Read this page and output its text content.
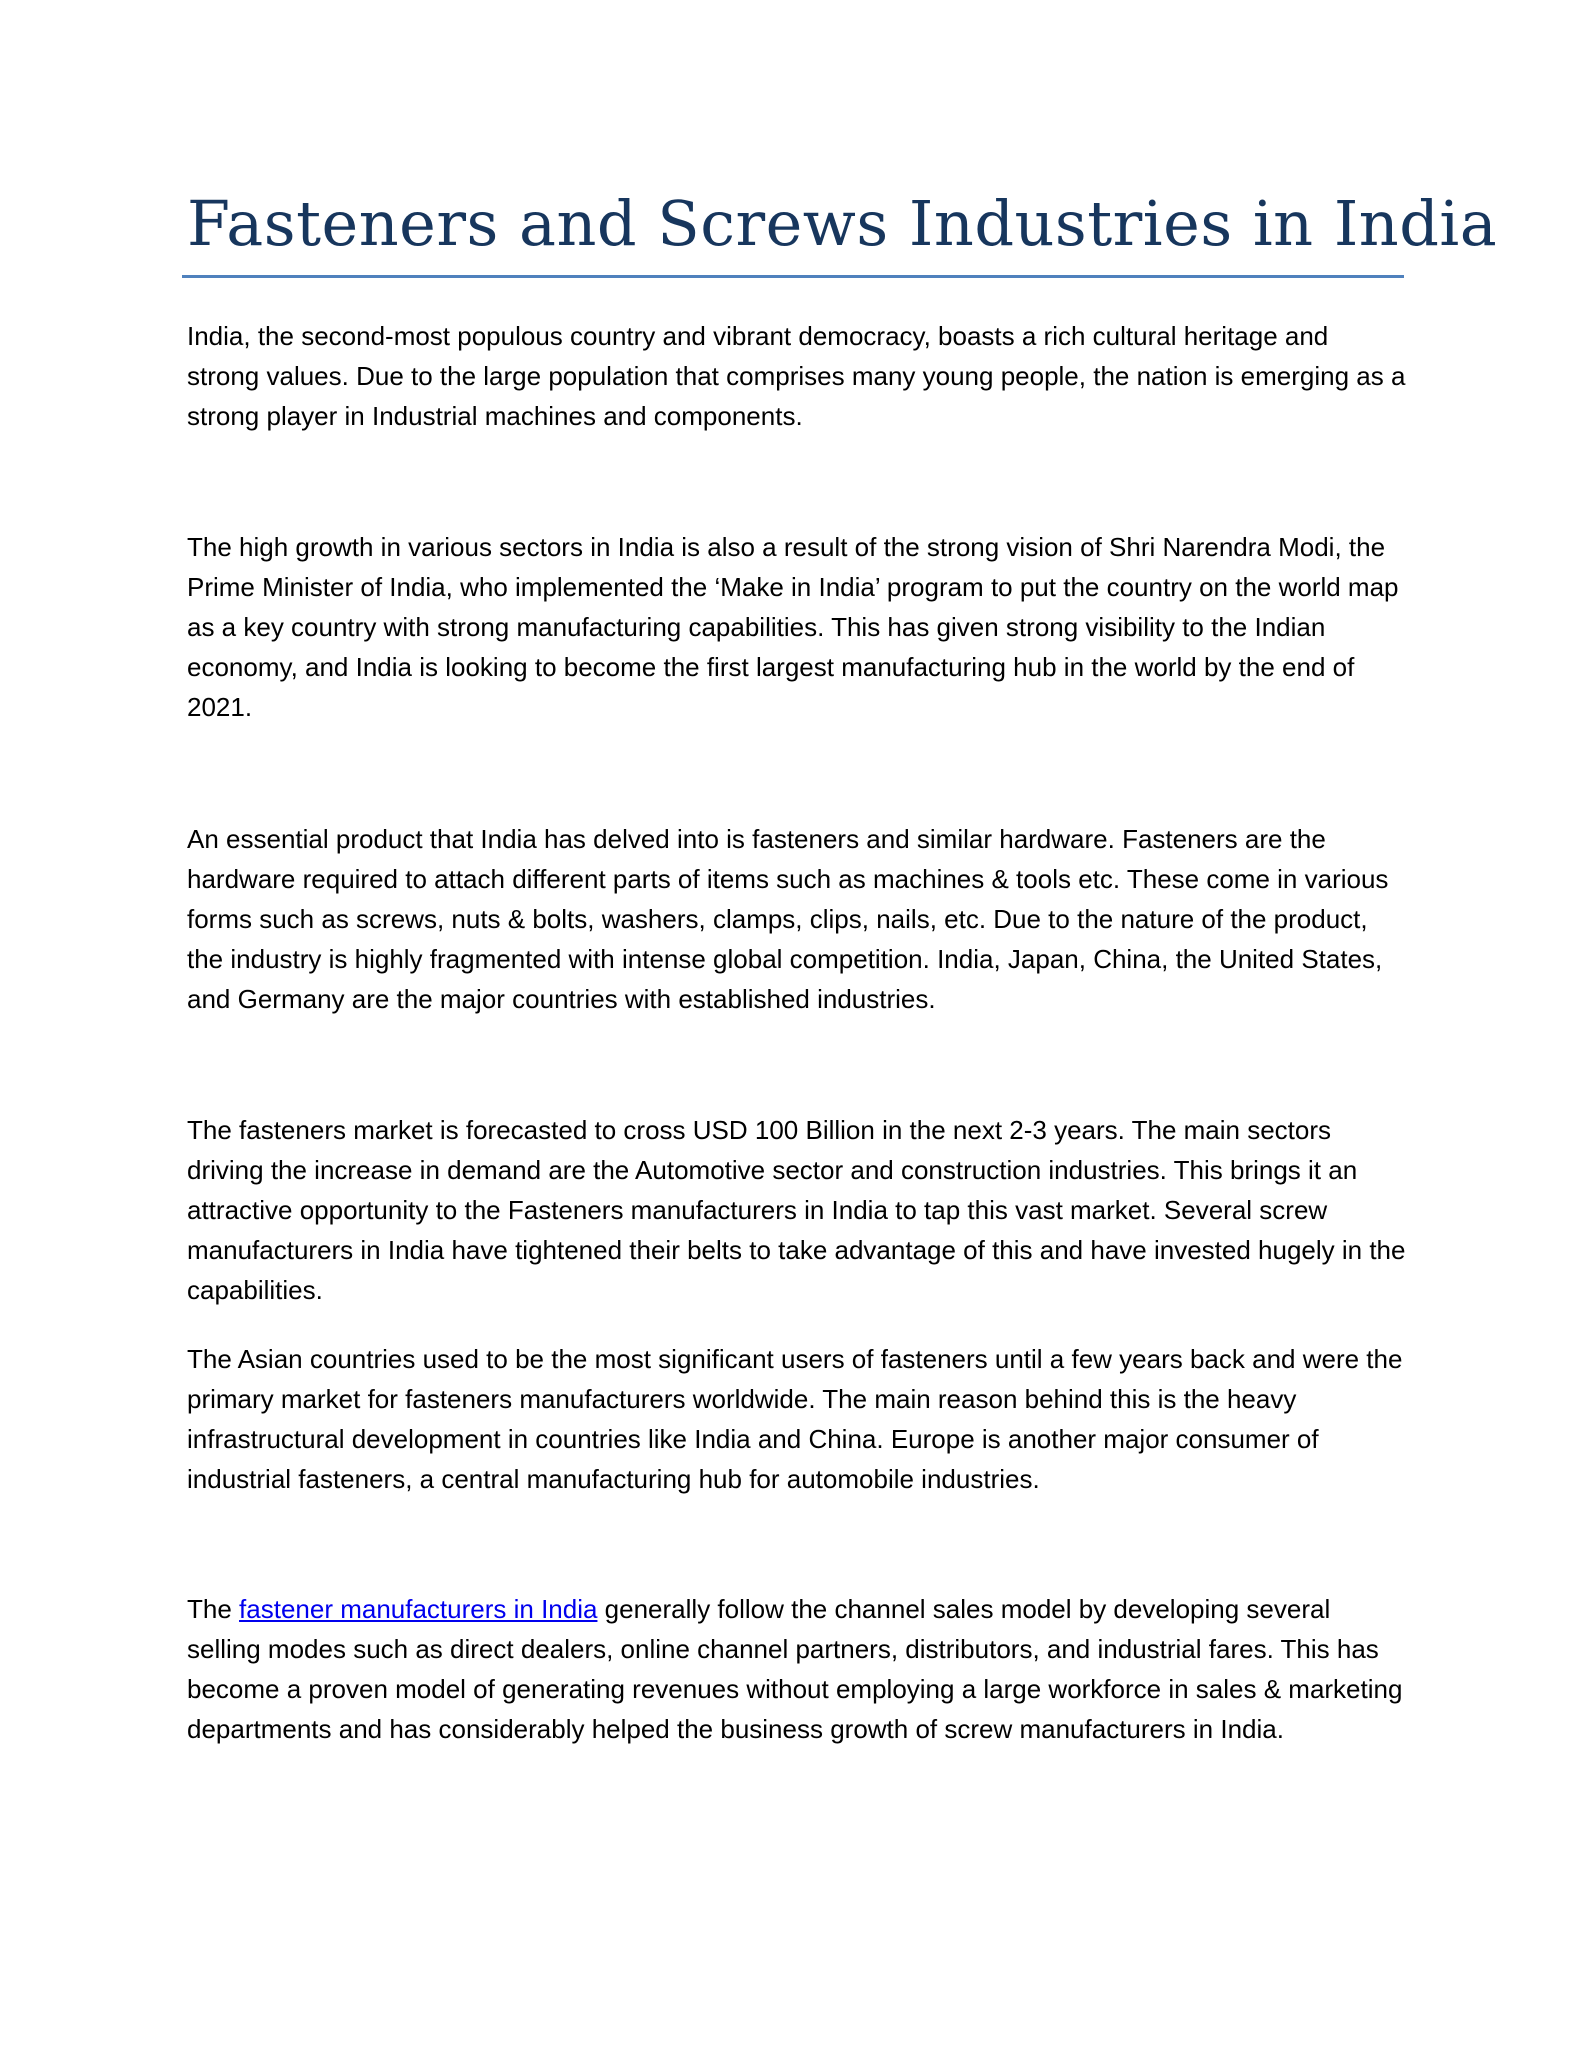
Fasteners and Screws Industries in India

India, the second-most populous country and vibrant democracy, boasts a rich cultural heritage and strong values. Due to the large population that comprises many young people, the nation is emerging as a strong player in Industrial machines and components.

The high growth in various sectors in India is also a result of the strong vision of Shri Narendra Modi, the Prime Minister of India, who implemented the ‘Make in India’ program to put the country on the world map as a key country with strong manufacturing capabilities. This has given strong visibility to the Indian economy, and India is looking to become the first largest manufacturing hub in the world by the end of 2021.

An essential product that India has delved into is fasteners and similar hardware. Fasteners are the hardware required to attach different parts of items such as machines & tools etc. These come in various forms such as screws, nuts & bolts, washers, clamps, clips, nails, etc. Due to the nature of the product, the industry is highly fragmented with intense global competition. India, Japan, China, the United States, and Germany are the major countries with established industries.

The fasteners market is forecasted to cross USD 100 Billion in the next 2-3 years. The main sectors driving the increase in demand are the Automotive sector and construction industries. This brings it an attractive opportunity to the Fasteners manufacturers in India to tap this vast market. Several screw manufacturers in India have tightened their belts to take advantage of this and have invested hugely in the capabilities.

The Asian countries used to be the most significant users of fasteners until a few years back and were the primary market for fasteners manufacturers worldwide. The main reason behind this is the heavy infrastructural development in countries like India and China. Europe is another major consumer of industrial fasteners, a central manufacturing hub for automobile industries.

The fastener manufacturers in India generally follow the channel sales model by developing several selling modes such as direct dealers, online channel partners, distributors, and industrial fares. This has become a proven model of generating revenues without employing a large workforce in sales & marketing departments and has considerably helped the business growth of screw manufacturers in India.
